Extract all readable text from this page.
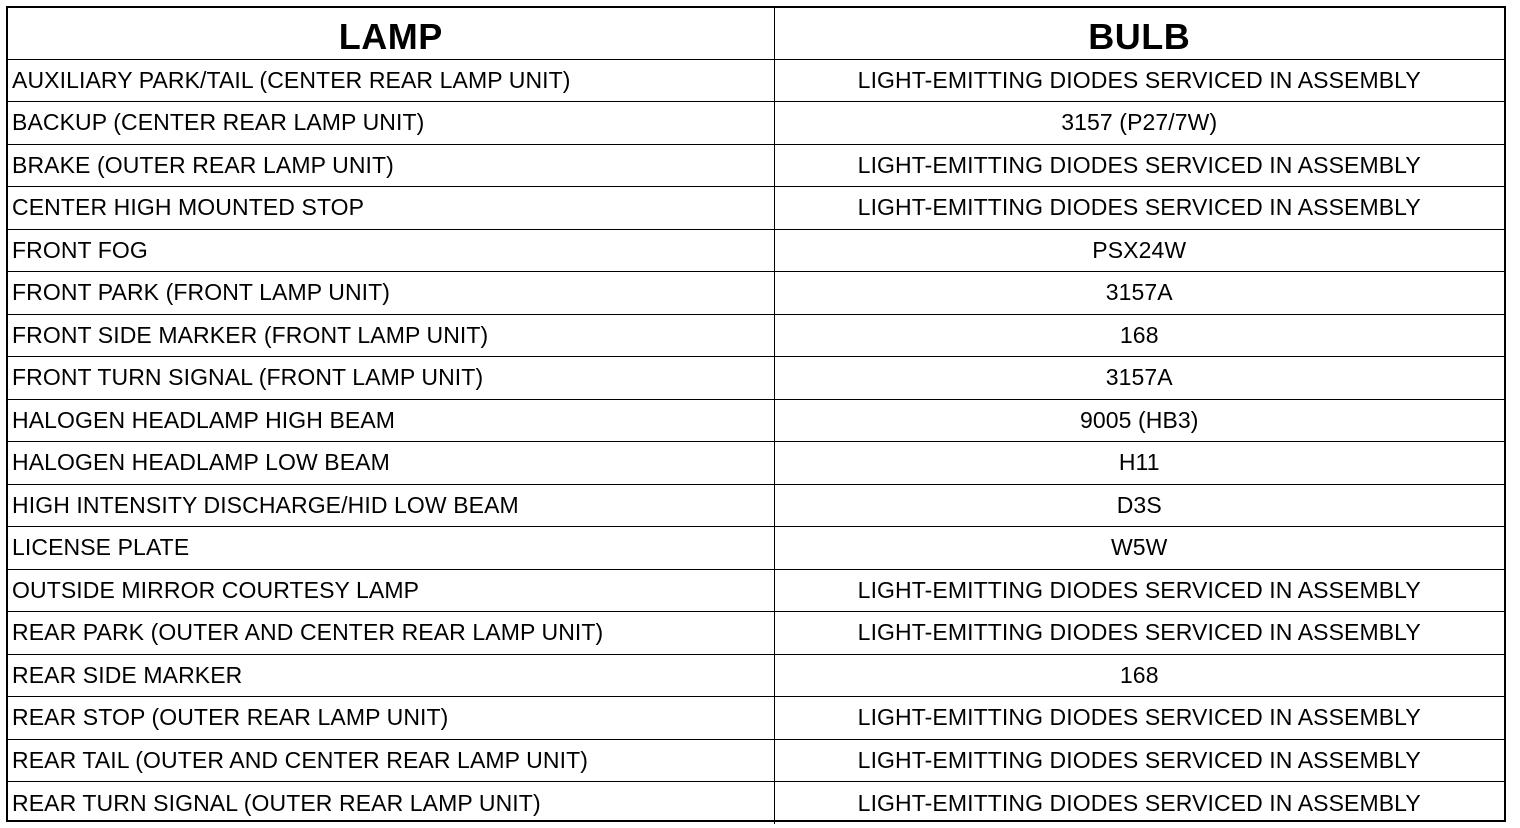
LAMP	BULB
AUXILIARY PARK/TAIL (CENTER REAR LAMP UNIT)	LIGHT-EMITTING DIODES SERVICED IN ASSEMBLY
BACKUP (CENTER REAR LAMP UNIT)	3157 (P27/7W)
BRAKE (OUTER REAR LAMP UNIT)	LIGHT-EMITTING DIODES SERVICED IN ASSEMBLY
CENTER HIGH MOUNTED STOP	LIGHT-EMITTING DIODES SERVICED IN ASSEMBLY
FRONT FOG	PSX24W
FRONT PARK (FRONT LAMP UNIT)	3157A
FRONT SIDE MARKER (FRONT LAMP UNIT)	168
FRONT TURN SIGNAL (FRONT LAMP UNIT)	3157A
HALOGEN HEADLAMP HIGH BEAM	9005 (HB3)
HALOGEN HEADLAMP LOW BEAM	H11
HIGH INTENSITY DISCHARGE/HID LOW BEAM	D3S
LICENSE PLATE	W5W
OUTSIDE MIRROR COURTESY LAMP	LIGHT-EMITTING DIODES SERVICED IN ASSEMBLY
REAR PARK (OUTER AND CENTER REAR LAMP UNIT)	LIGHT-EMITTING DIODES SERVICED IN ASSEMBLY
REAR SIDE MARKER	168
REAR STOP (OUTER REAR LAMP UNIT)	LIGHT-EMITTING DIODES SERVICED IN ASSEMBLY
REAR TAIL (OUTER AND CENTER REAR LAMP UNIT)	LIGHT-EMITTING DIODES SERVICED IN ASSEMBLY
REAR TURN SIGNAL (OUTER REAR LAMP UNIT)	LIGHT-EMITTING DIODES SERVICED IN ASSEMBLY
